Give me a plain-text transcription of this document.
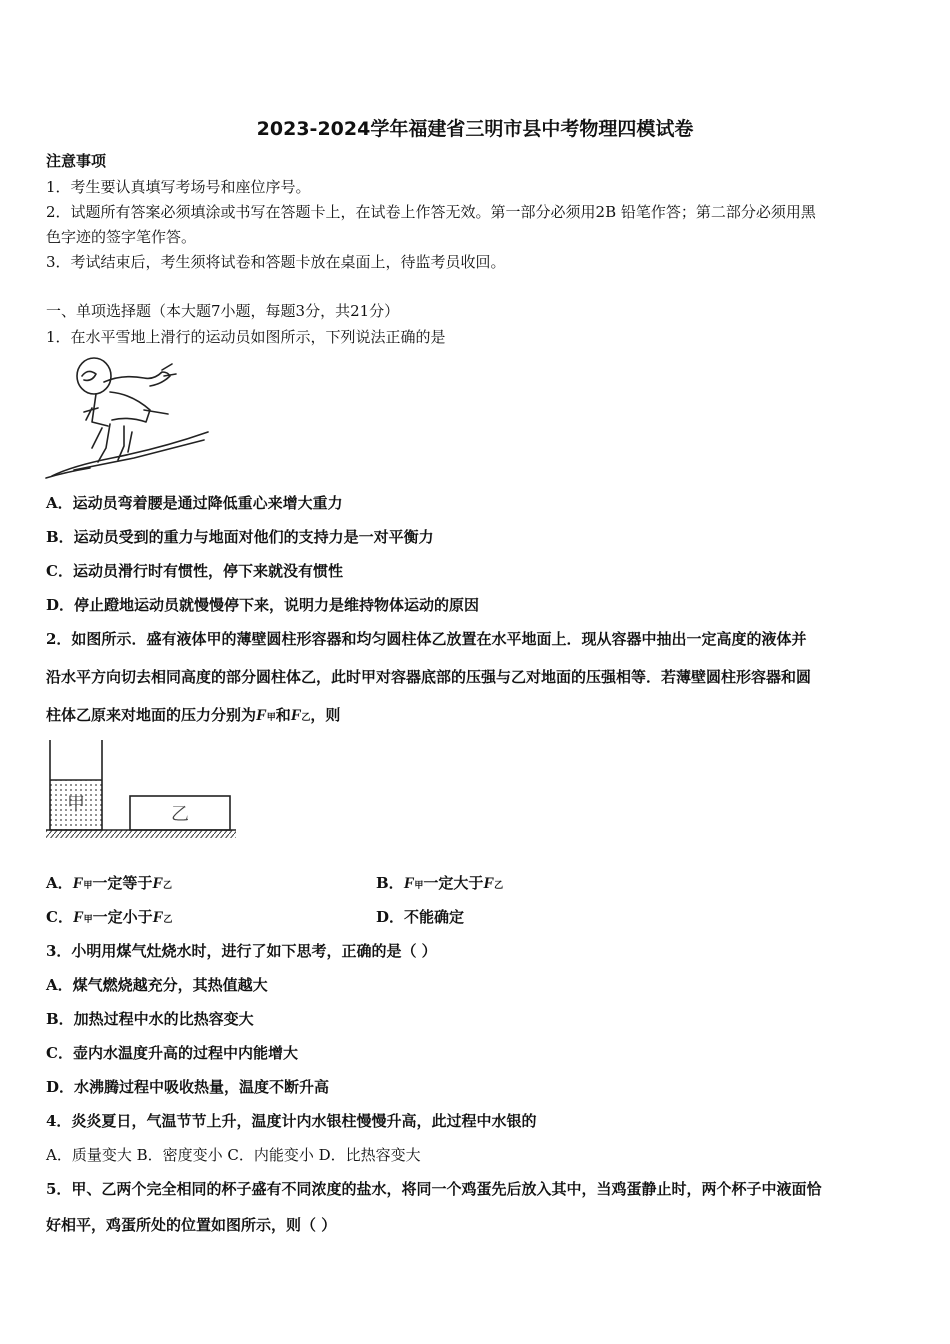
2023-2024学年福建省三明市县中考物理四模试卷
注意事项
1．考生要认真填写考场号和座位序号。
2．试题所有答案必须填涂或书写在答题卡上，在试卷上作答无效。第一部分必须用2B 铅笔作答；第二部分必须用黑
色字迹的签字笔作答。
3．考试结束后，考生须将试卷和答题卡放在桌面上，待监考员收回。
一、单项选择题（本大题7小题，每题3分，共21分）
1．在水平雪地上滑行的运动员如图所示，下列说法正确的是
A．运动员弯着腰是通过降低重心来增大重力
B．运动员受到的重力与地面对他们的支持力是一对平衡力
C．运动员滑行时有惯性，停下来就没有惯性
D．停止蹬地运动员就慢慢停下来，说明力是维持物体运动的原因
2．如图所示．盛有液体甲的薄壁圆柱形容器和均匀圆柱体乙放置在水平地面上．现从容器中抽出一定高度的液体并
沿水平方向切去相同高度的部分圆柱体乙，此时甲对容器底部的压强与乙对地面的压强相等．若薄壁圆柱形容器和圆
柱体乙原来对地面的压力分别为F甲和F乙，则
甲	乙
A．F甲一定等于F乙	B．F甲一定大于F乙
C．F甲一定小于F乙	D．不能确定
3．小明用煤气灶烧水时，进行了如下思考，正确的是（ ）
A．煤气燃烧越充分，其热值越大
B．加热过程中水的比热容变大
C．壶内水温度升高的过程中内能增大
D．水沸腾过程中吸收热量，温度不断升高
4．炎炎夏日，气温节节上升，温度计内水银柱慢慢升高，此过程中水银的
A．质量变大 B．密度变小 C．内能变小 D．比热容变大
5．甲、乙两个完全相同的杯子盛有不同浓度的盐水，将同一个鸡蛋先后放入其中，当鸡蛋静止时，两个杯子中液面恰
好相平，鸡蛋所处的位置如图所示，则（ ）
